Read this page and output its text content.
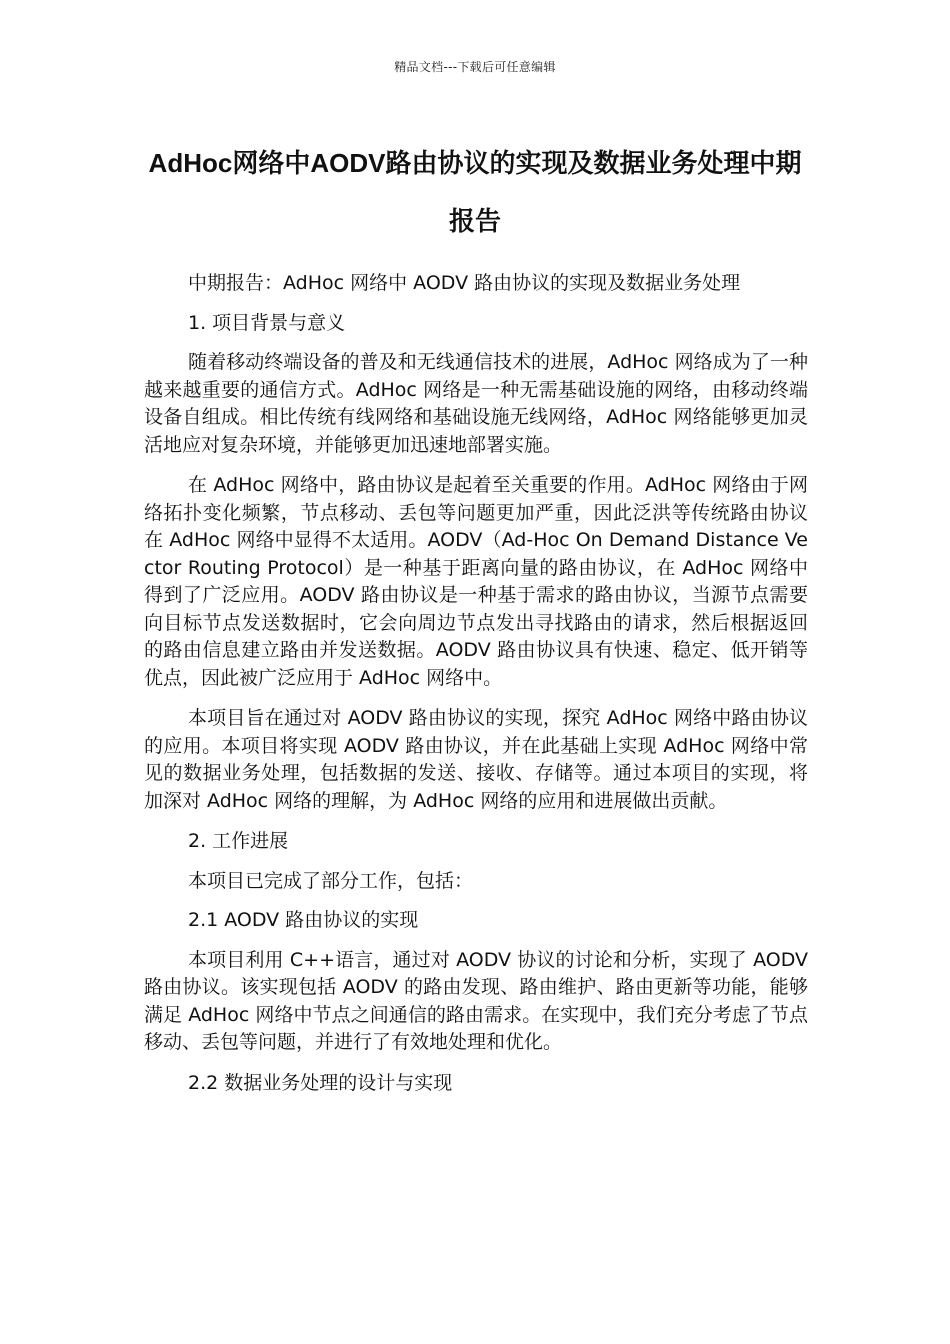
精品文档---下载后可任意编辑
AdHoc网络中AODV路由协议的实现及数据业务处理中期报告

中期报告：AdHoc 网络中 AODV 路由协议的实现及数据业务处理

1. 项目背景与意义

随着移动终端设备的普及和无线通信技术的进展，AdHoc 网络成为了一种越来越重要的通信方式。AdHoc 网络是一种无需基础设施的网络，由移动终端设备自组成。相比传统有线网络和基础设施无线网络，AdHoc 网络能够更加灵活地应对复杂环境，并能够更加迅速地部署实施。

在 AdHoc 网络中，路由协议是起着至关重要的作用。AdHoc 网络由于网络拓扑变化频繁，节点移动、丢包等问题更加严重，因此泛洪等传统路由协议在 AdHoc 网络中显得不太适用。AODV（Ad-Hoc On Demand Distance Vector Routing Protocol）是一种基于距离向量的路由协议，在 AdHoc 网络中得到了广泛应用。AODV 路由协议是一种基于需求的路由协议，当源节点需要向目标节点发送数据时，它会向周边节点发出寻找路由的请求，然后根据返回的路由信息建立路由并发送数据。AODV 路由协议具有快速、稳定、低开销等优点，因此被广泛应用于 AdHoc 网络中。

本项目旨在通过对 AODV 路由协议的实现，探究 AdHoc 网络中路由协议的应用。本项目将实现 AODV 路由协议，并在此基础上实现 AdHoc 网络中常见的数据业务处理，包括数据的发送、接收、存储等。通过本项目的实现，将加深对 AdHoc 网络的理解，为 AdHoc 网络的应用和进展做出贡献。

2. 工作进展

本项目已完成了部分工作，包括：

2.1 AODV 路由协议的实现

本项目利用 C++语言，通过对 AODV 协议的讨论和分析，实现了 AODV 路由协议。该实现包括 AODV 的路由发现、路由维护、路由更新等功能，能够满足 AdHoc 网络中节点之间通信的路由需求。在实现中，我们充分考虑了节点移动、丢包等问题，并进行了有效地处理和优化。

2.2 数据业务处理的设计与实现
